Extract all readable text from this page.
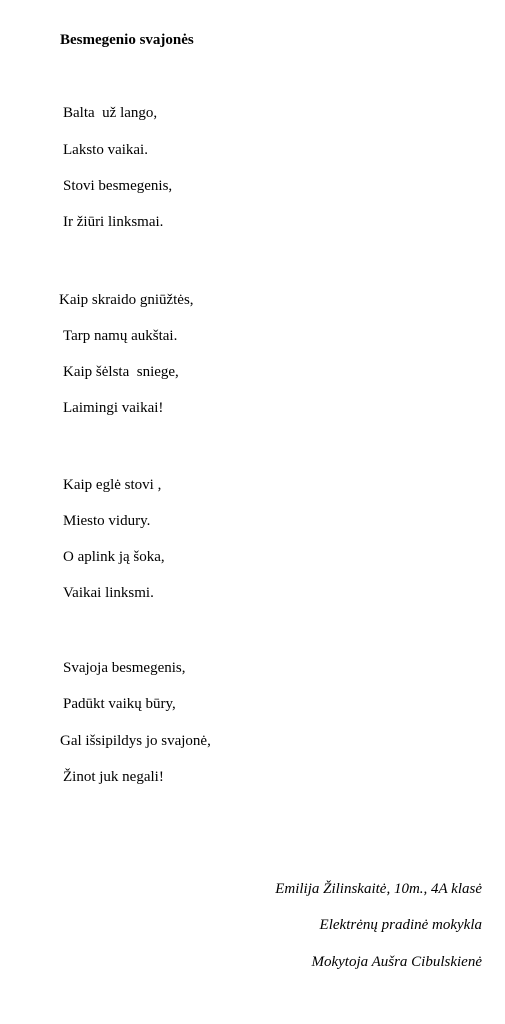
Besmegenio svajonės
Balta  už lango,
Laksto vaikai.
Stovi besmegenis,
Ir žiūri linksmai.
Kaip skraido gniūžtės,
Tarp namų aukštai.
Kaip šėlsta  sniege,
Laimingi vaikai!
Kaip eglė stovi ,
Miesto vidury.
O aplink ją šoka,
Vaikai linksmi.
Svajoja besmegenis,
Padūkt vaikų būry,
Gal išsipildys jo svajonė,
Žinot juk negali!
Emilija Žilinskaitė, 10m., 4A klasė
Elektrėnų pradinė mokykla
Mokytoja Aušra Cibulskienė
